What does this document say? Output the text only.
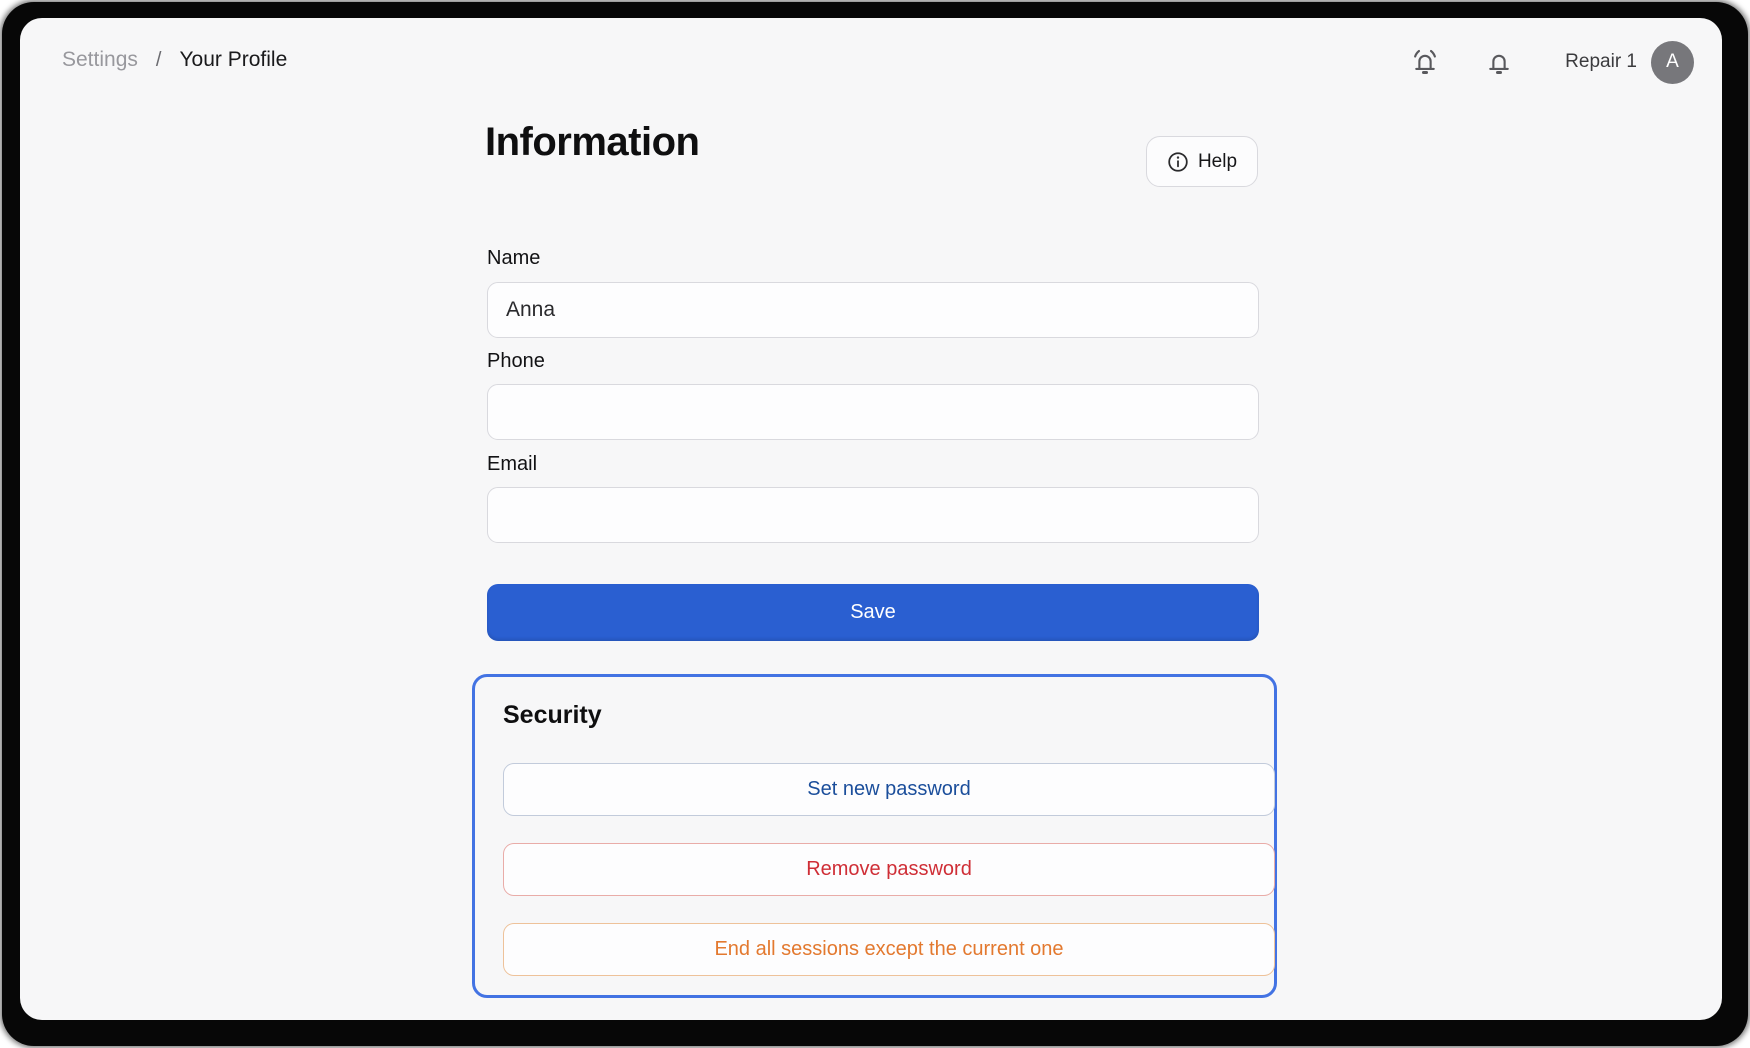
Settings / Your Profile	Repair 1	A
Information	Help
Name
Anna
Phone
Email
Save
Security
Set new password
Remove password
End all sessions except the current one
